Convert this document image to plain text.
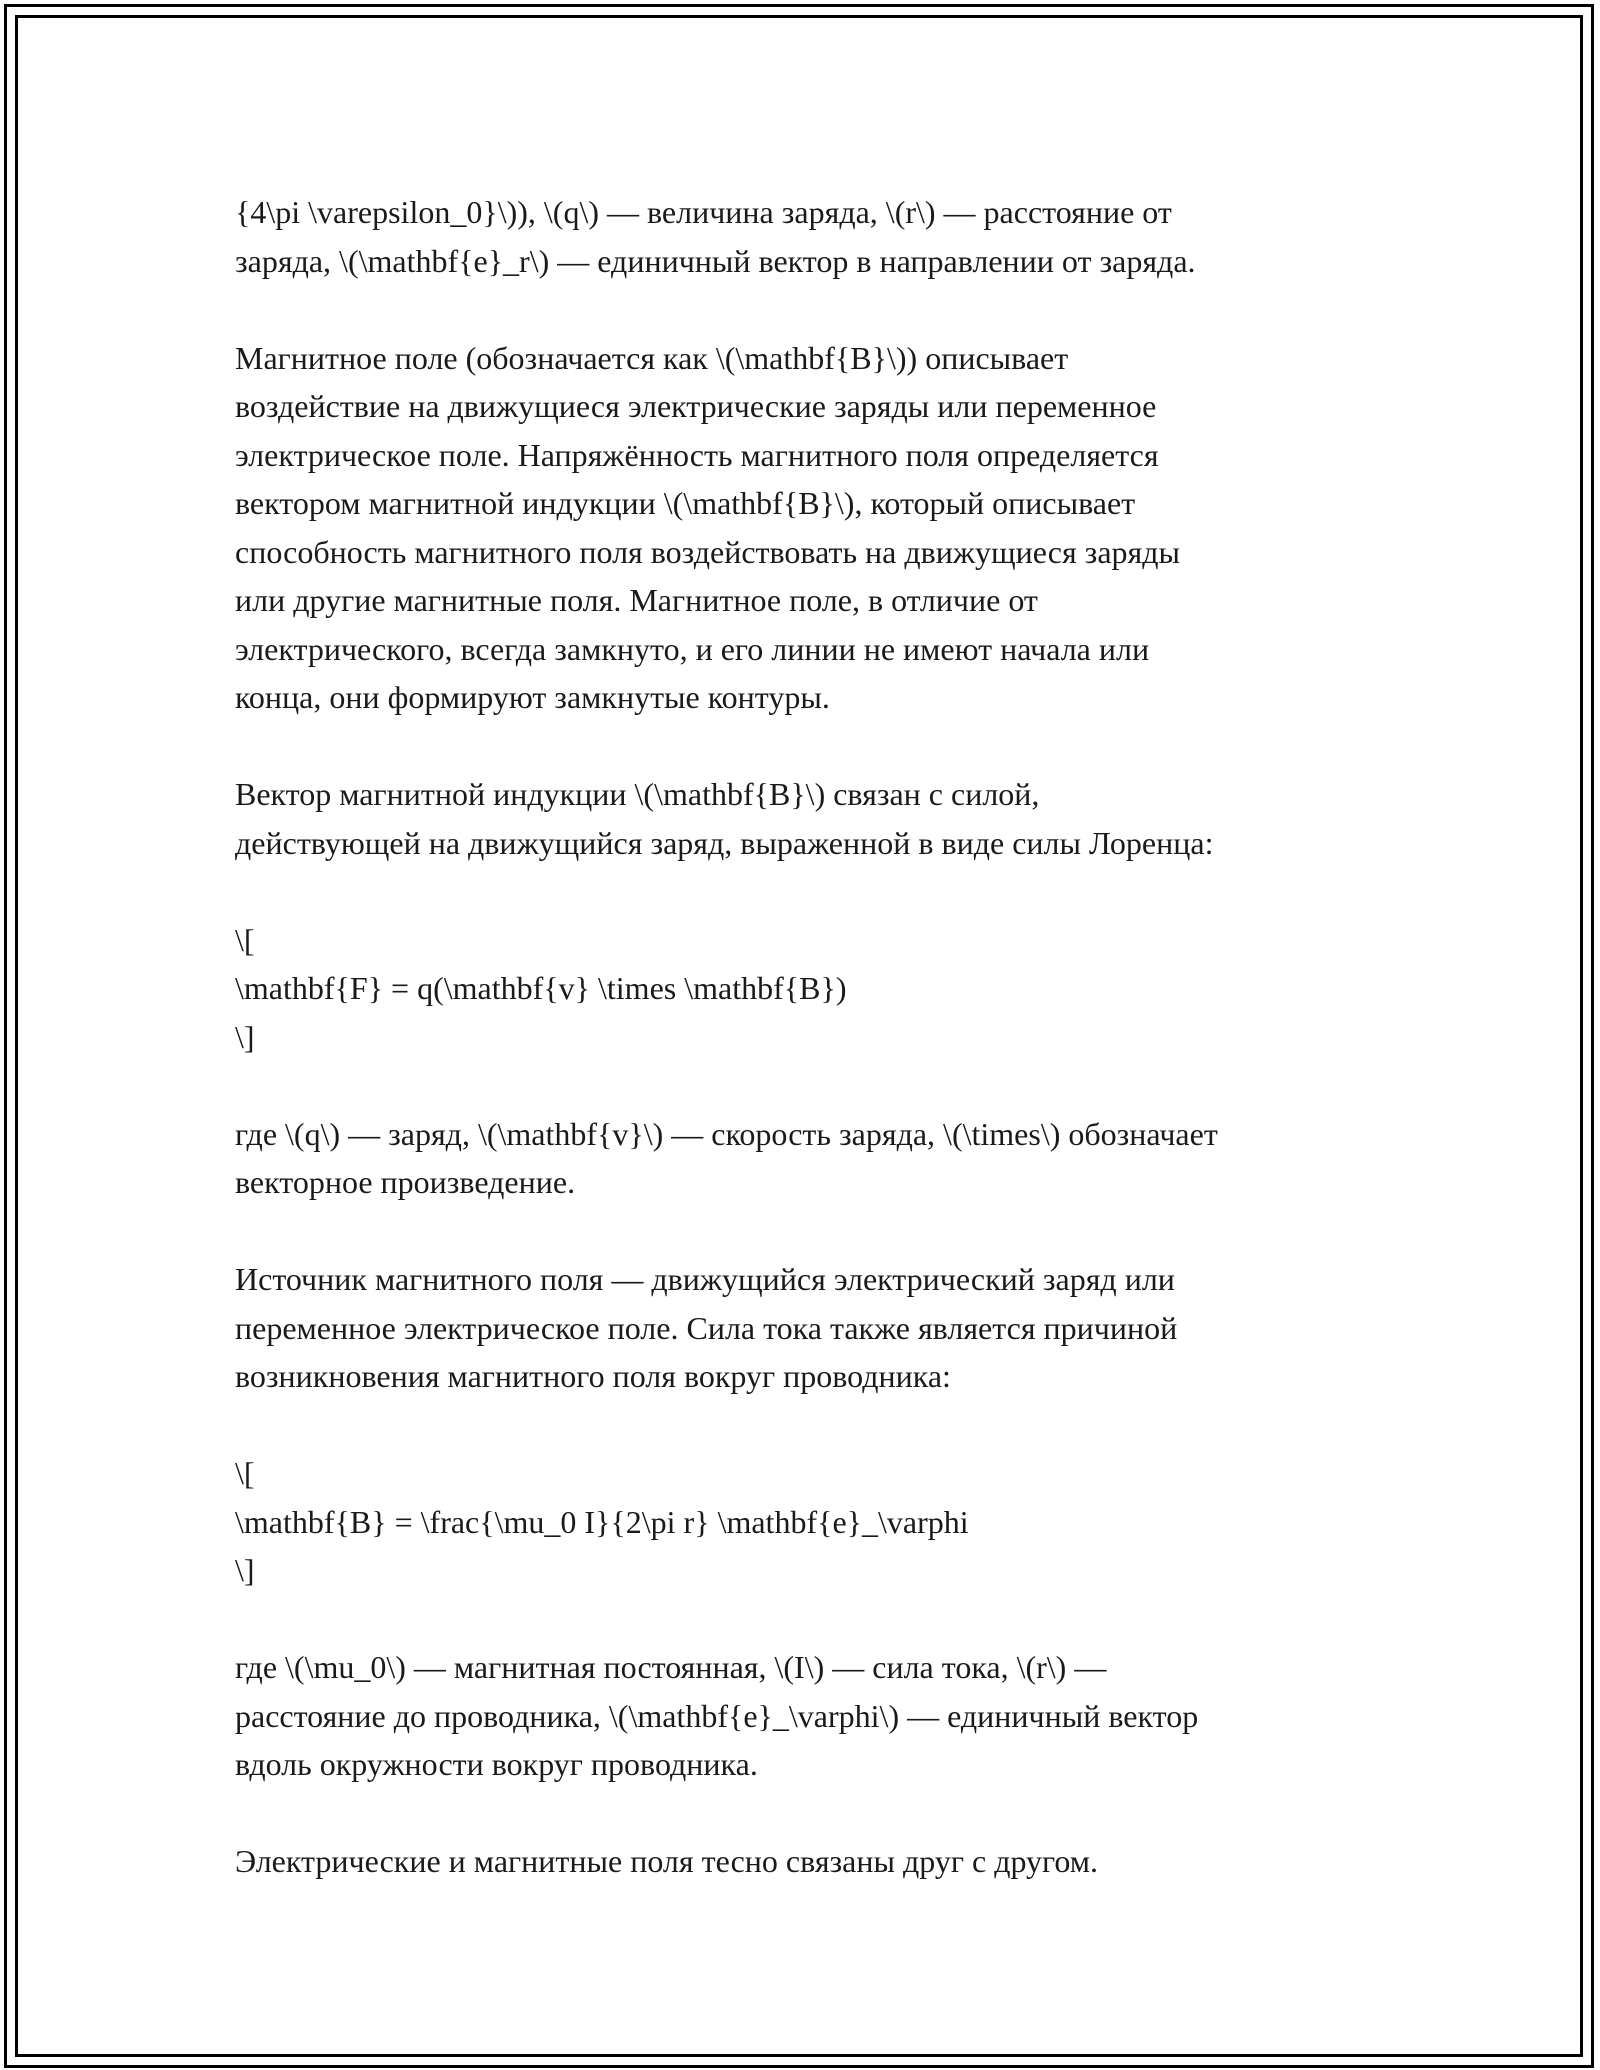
{4\pi \varepsilon_0}\)), \(q\) — величина заряда, \(r\) — расстояние от
заряда, \(\mathbf{e}_r\) — единичный вектор в направлении от заряда.
Магнитное поле (обозначается как \(\mathbf{B}\)) описывает
воздействие на движущиеся электрические заряды или переменное
электрическое поле. Напряжённость магнитного поля определяется
вектором магнитной индукции \(\mathbf{B}\), который описывает
способность магнитного поля воздействовать на движущиеся заряды
или другие магнитные поля. Магнитное поле, в отличие от
электрического, всегда замкнуто, и его линии не имеют начала или
конца, они формируют замкнутые контуры.
Вектор магнитной индукции \(\mathbf{B}\) связан с силой,
действующей на движущийся заряд, выраженной в виде силы Лоренца:
\[
\mathbf{F} = q(\mathbf{v} \times \mathbf{B})
\]
где \(q\) — заряд, \(\mathbf{v}\) — скорость заряда, \(\times\) обозначает
векторное произведение.
Источник магнитного поля — движущийся электрический заряд или
переменное электрическое поле. Сила тока также является причиной
возникновения магнитного поля вокруг проводника:
\[
\mathbf{B} = \frac{\mu_0 I}{2\pi r} \mathbf{e}_\varphi
\]
где \(\mu_0\) — магнитная постоянная, \(I\) — сила тока, \(r\) —
расстояние до проводника, \(\mathbf{e}_\varphi\) — единичный вектор
вдоль окружности вокруг проводника.
Электрические и магнитные поля тесно связаны друг с другом.
